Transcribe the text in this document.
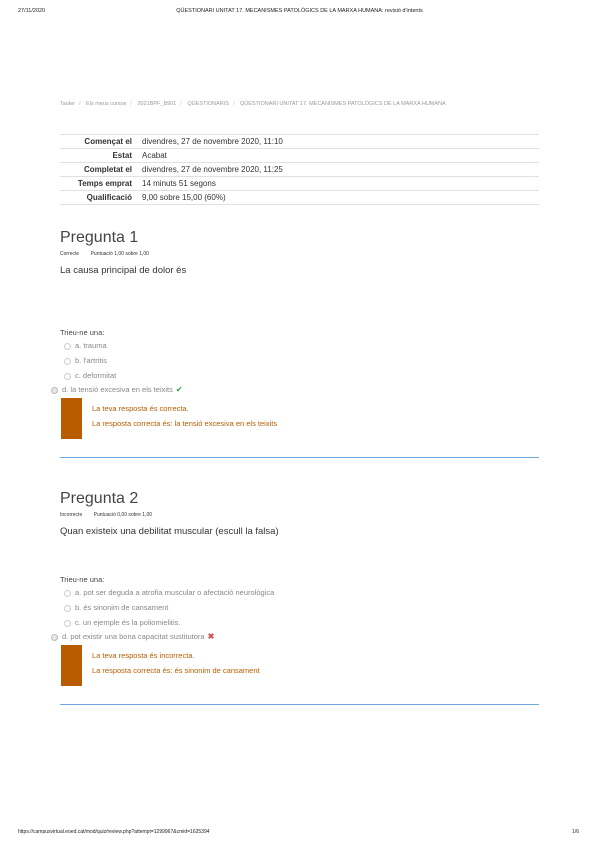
27/11/2020	QÜESTIONARI UNITAT 17. MECANISMES PATOLÒGICS DE LA MARXA HUMANA: revisió d'intents
Tauler / Els meus cursos / 2021BPF_B901 / QÜESTIONARIS / QÜESTIONARI UNITAT 17. MECANISMES PATOLÒGICS DE LA MARXA HUMANA
Començat el	divendres, 27 de novembre 2020, 11:10
Estat	Acabat
Completat el	divendres, 27 de novembre 2020, 11:25
Temps emprat	14 minuts 51 segons
Qualificació	9,00 sobre 15,00 (60%)
Pregunta 1
Correcte Puntuació 1,00 sobre 1,00
La causa principal de dolor és
Trieu-ne una:
a. trauma
b. l'artritis
c. deformitat
d. la tensió excesiva en els teixits ✔
La teva resposta és correcta.
La resposta correcta és: la tensió excesiva en els teixits
Pregunta 2
Incorrecte Puntuació 0,00 sobre 1,00
Quan existeix una debilitat muscular (escull la falsa)
Trieu-ne una:
a. pot ser deguda a atrofia muscular o afectació neurològica
b. és sinonim de cansament
c. un ejemple és la poliomielitis.
d. pot existir una bona capacitat sustitutora ✖
La teva resposta és incorrecta.
La resposta correcta és: és sinonim de cansament
https://campusvirtual.eoed.cat/mod/quiz/review.php?attempt=1299967&cmid=1625394	1/6
